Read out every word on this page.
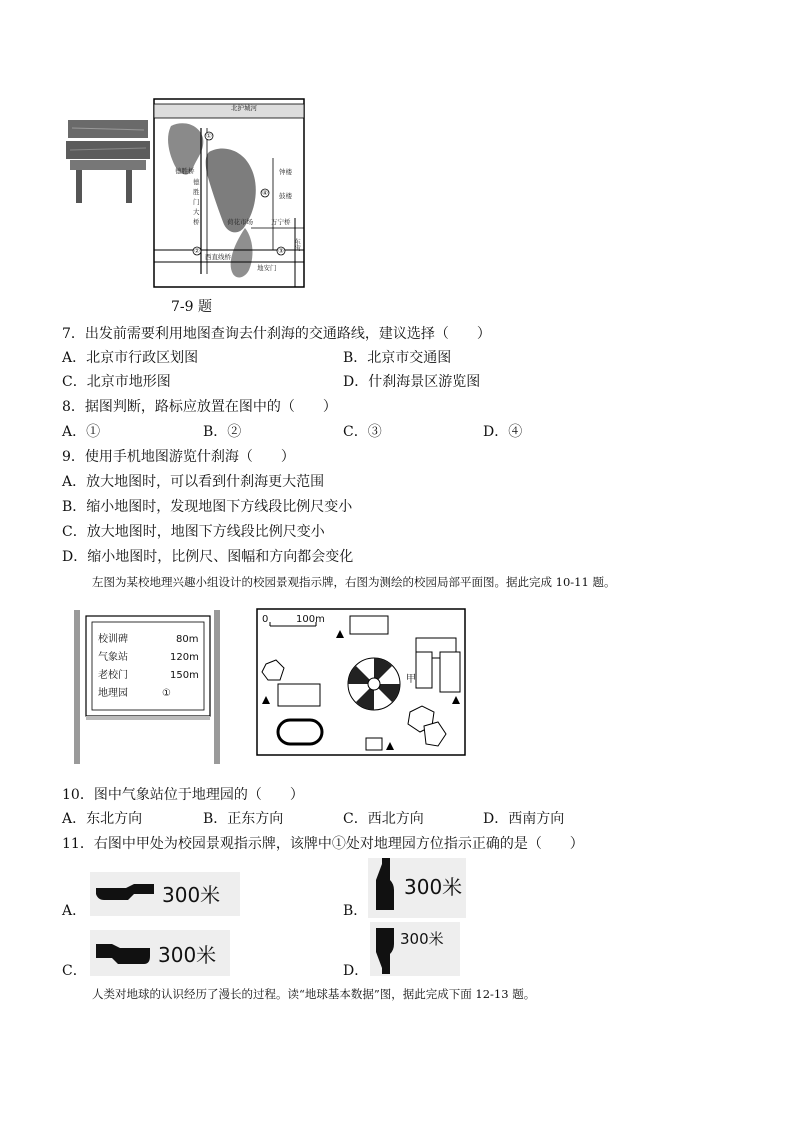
北护城河
①
④
②	③
德胜桥
德
胜
门
大
桥
钟楼
鼓楼
荷花市场	万宁桥
西直线桥
地安门
东街
7-9 题
7．出发前需要利用地图查询去什刹海的交通路线，建议选择（　　）
A．北京市行政区划图	B．北京市交通图
C．北京市地形图	D．什刹海景区游览图
8．据图判断，路标应放置在图中的（　　）
A．①	B．②	C．③	D．④
9．使用手机地图游览什刹海（　　）
A．放大地图时，可以看到什刹海更大范围
B．缩小地图时，发现地图下方线段比例尺变小
C．放大地图时，地图下方线段比例尺变小
D．缩小地图时，比例尺、图幅和方向都会变化
左图为某校地理兴趣小组设计的校园景观指示牌，右图为测绘的校园局部平面图。据此完成 10-11 题。
校训碑	80m
气象站	120m
老校门	150m
地理园	①
0	100m
甲
10．图中气象站位于地理园的（　　）
A．东北方向	B．正东方向	C．西北方向	D．西南方向
11．右图中甲处为校园景观指示牌，该牌中①处对地理园方位指示正确的是（　　）
A．
300米
B．
300米
C．
300米
D．
300米
人类对地球的认识经历了漫长的过程。读“地球基本数据”图，据此完成下面 12-13 题。
